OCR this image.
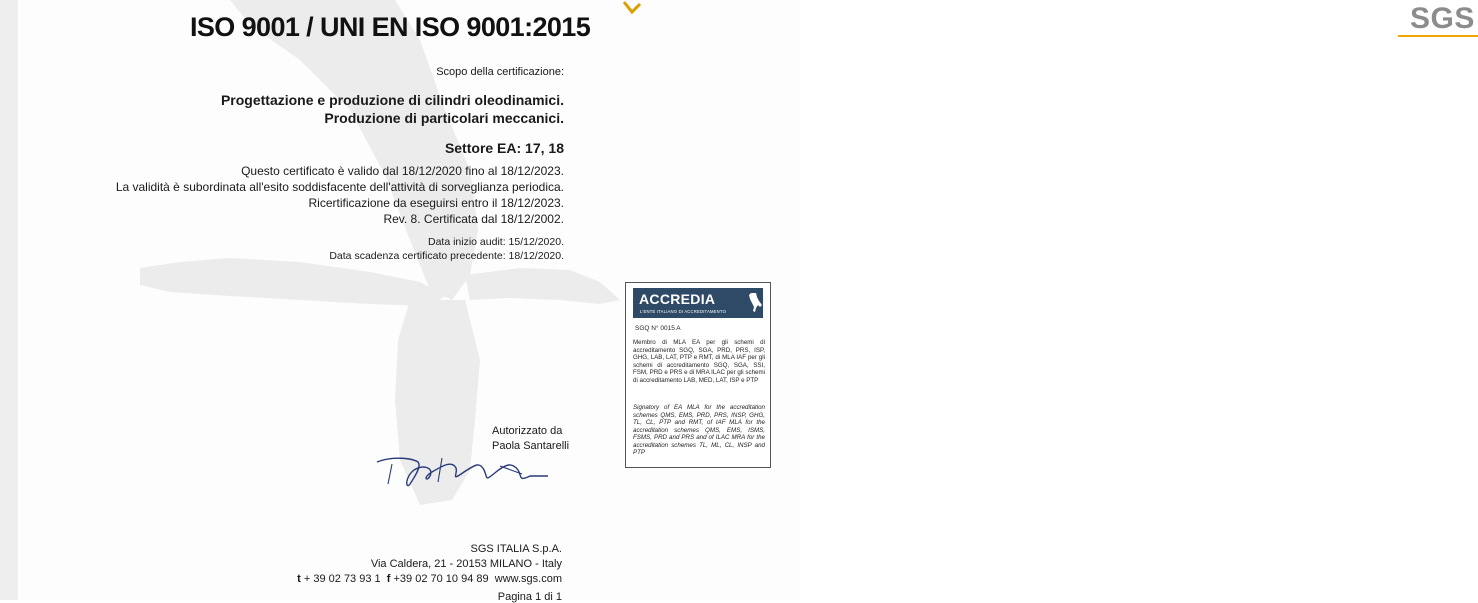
SGS
ISO 9001 / UNI EN ISO 9001:2015
Scopo della certificazione:
Progettazione e produzione di cilindri oleodinamici.
Produzione di particolari meccanici.
Settore EA: 17, 18
Questo certificato è valido dal 18/12/2020 fino al 18/12/2023.
La validità è subordinata all'esito soddisfacente dell'attività di sorveglianza periodica.
Ricertificazione da eseguirsi entro il 18/12/2023.
Rev. 8. Certificata dal 18/12/2002.
Data inizio audit: 15/12/2020.
Data scadenza certificato precedente: 18/12/2020.
ACCREDIA
L'ENTE ITALIANO DI ACCREDITAMENTO
SGQ N° 0015 A
Membro di MLA EA per gli schemi di accreditamento SGQ, SGA, PRD, PRS, ISP, GHG, LAB, LAT, PTP e RMT, di MLA IAF per gli schemi di accreditamento SGQ, SGA, SSI, FSM, PRD e PRS e di MRA ILAC per gli schemi di accreditamento LAB, MED, LAT, ISP e PTP
Signatory of EA MLA for the accreditation schemes QMS, EMS, PRD, PRS, INSP, GHG, TL, CL, PTP and RMT, of IAF MLA for the accreditation schemes QMS, EMS, ISMS, FSMS, PRD and PRS and of ILAC MRA for the accreditation schemes TL, ML, CL, INSP and PTP
Autorizzato da
Paola Santarelli
SGS ITALIA S.p.A.
Via Caldera, 21 - 20153 MILANO - Italy
t + 39 02 73 93 1 f +39 02 70 10 94 89 www.sgs.com
Pagina 1 di 1
